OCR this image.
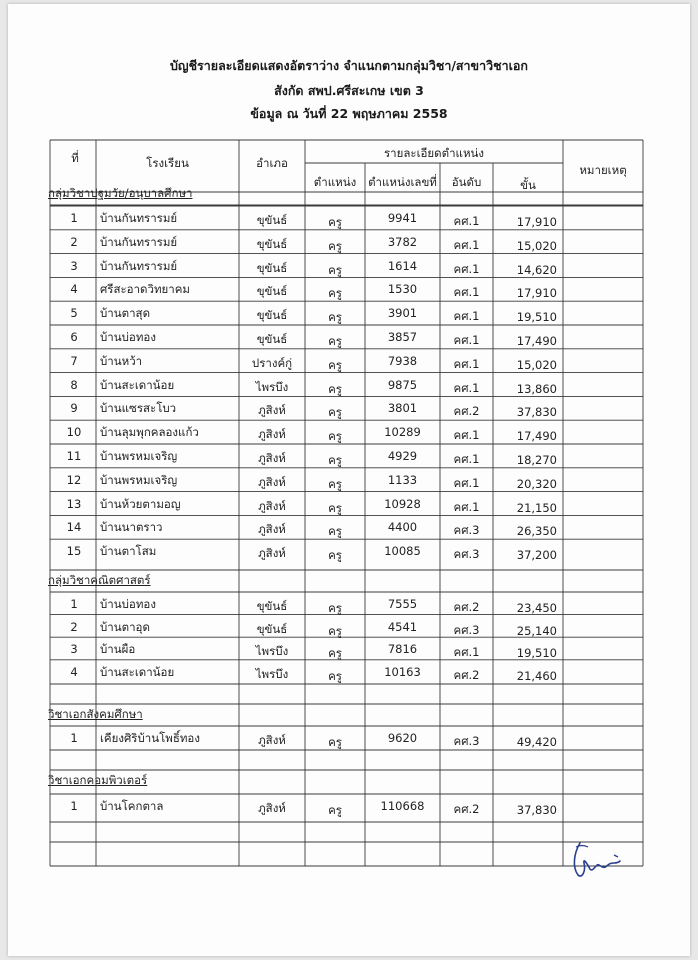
บัญชีรายละเอียดแสดงอัตราว่าง จำแนกตามกลุ่มวิชา/สาขาวิชาเอก
สังกัด สพป.ศรีสะเกษ เขต 3
ข้อมูล ณ วันที่ 22 พฤษภาคม 2558
ที่	โรงเรียน	อำเภอ
รายละเอียดตำแหน่ง
ตำแหน่ง	ตำแหน่งเลขที่	อันดับ	ขั้น
หมายเหตุ
กลุ่มวิชาปฐมวัย/อนุบาลศึกษา
1	บ้านกันทรารมย์	ขุขันธ์	ครู	9941	คศ.1	17,910
2	บ้านกันทรารมย์	ขุขันธ์	ครู	3782	คศ.1	15,020
3	บ้านกันทรารมย์	ขุขันธ์	ครู	1614	คศ.1	14,620
4	ศรีสะอาดวิทยาคม	ขุขันธ์	ครู	1530	คศ.1	17,910
5	บ้านตาสุด	ขุขันธ์	ครู	3901	คศ.1	19,510
6	บ้านบ่อทอง	ขุขันธ์	ครู	3857	คศ.1	17,490
7	บ้านหว้า	ปรางค์กู่	ครู	7938	คศ.1	15,020
8	บ้านสะเดาน้อย	ไพรบึง	ครู	9875	คศ.1	13,860
9	บ้านแซรสะโบว	ภูสิงห์	ครู	3801	คศ.2	37,830
10	บ้านลุมพุกคลองแก้ว	ภูสิงห์	ครู	10289	คศ.1	17,490
11	บ้านพรหมเจริญ	ภูสิงห์	ครู	4929	คศ.1	18,270
12	บ้านพรหมเจริญ	ภูสิงห์	ครู	1133	คศ.1	20,320
13	บ้านห้วยตามอญ	ภูสิงห์	ครู	10928	คศ.1	21,150
14	บ้านนาตราว	ภูสิงห์	ครู	4400	คศ.3	26,350
15	บ้านตาโสม	ภูสิงห์	ครู	10085	คศ.3	37,200
กลุ่มวิชาคณิตศาสตร์
1	บ้านบ่อทอง	ขุขันธ์	ครู	7555	คศ.2	23,450
2	บ้านตาอุด	ขุขันธ์	ครู	4541	คศ.3	25,140
3	บ้านผือ	ไพรบึง	ครู	7816	คศ.1	19,510
4	บ้านสะเดาน้อย	ไพรบึง	ครู	10163	คศ.2	21,460
วิชาเอกสังคมศึกษา
1	เคียงศิริบ้านโพธิ์ทอง	ภูสิงห์	ครู	9620	คศ.3	49,420
วิชาเอกคอมพิวเตอร์
1	บ้านโคกตาล	ภูสิงห์	ครู	110668	คศ.2	37,830
